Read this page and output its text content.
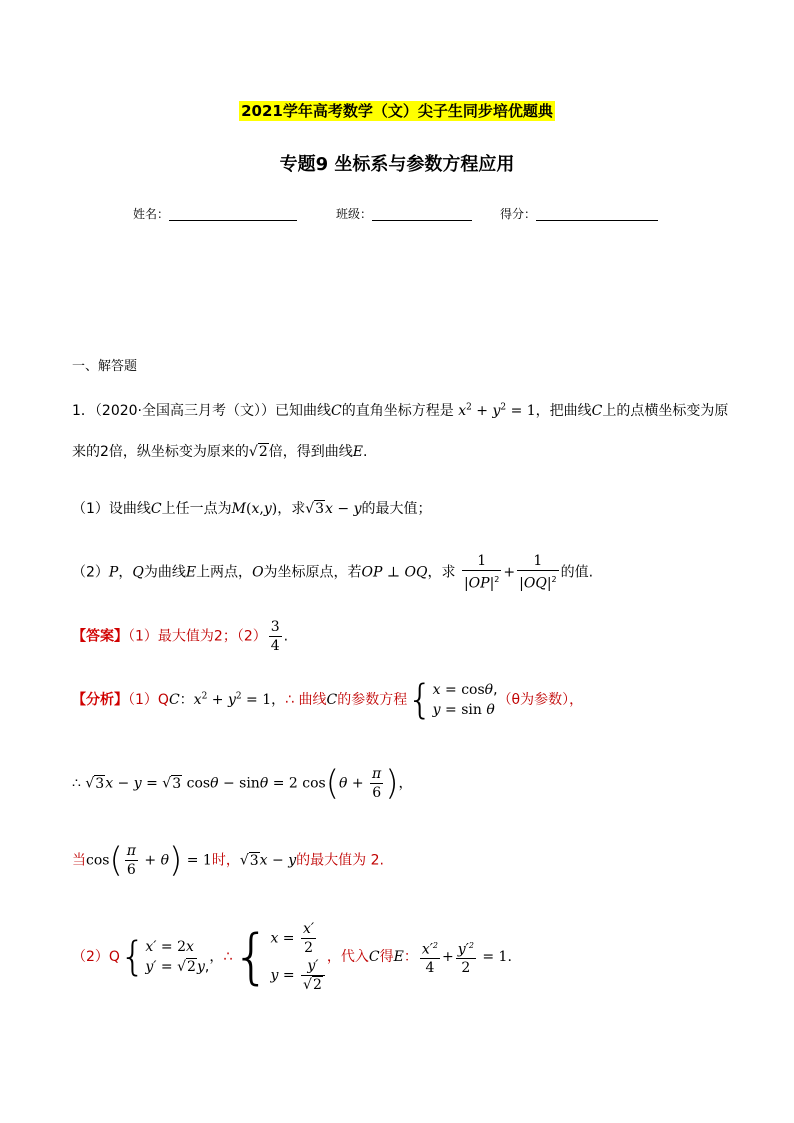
2021学年高考数学（文）尖子生同步培优题典
专题9 坐标系与参数方程应用
姓名：	班级：	得分：
一、解答题
1．（2020·全国高三月考（文））已知曲线C的直角坐标方程是 $x^2 + y^2 = 1$，把曲线C上的点横坐标变为原
来的2倍，纵坐标变为原来的√2倍，得到曲线E.
（1）设曲线C上任一点为M(x,y)，求√3x − y的最大值；
（2）P，Q为曲线E上两点，O为坐标原点，若OP ⊥ OQ，求 $\frac{1}{|OP|^2} + \frac{1}{|OQ|^2}$ 的值.
【答案】（1）最大值为2；$(2) \frac{3}{4}$ .
【分析】（1）QC：$x^2 + y^2 = 1$，∴ 曲线C的参数方程{ x = cosθ,
y = sin θ
（θ为参数），
∴ √3x − y = √3 cosθ − sinθ = 2 $\cos(\theta + \frac{\pi}{6}$ )，
当$\cos( \frac{\pi}{6} + \theta) = 1$时，√3x − y的最大值为 2.
（2）Q{ x′ = 2x
y′ = √2y,
，∴{ $x = \frac{x'}{2}$
$y = \frac{y'}{√2}$ ，代入C得E： $\frac{x'^2}{4} + \frac{y'^2}{2} = 1$.
